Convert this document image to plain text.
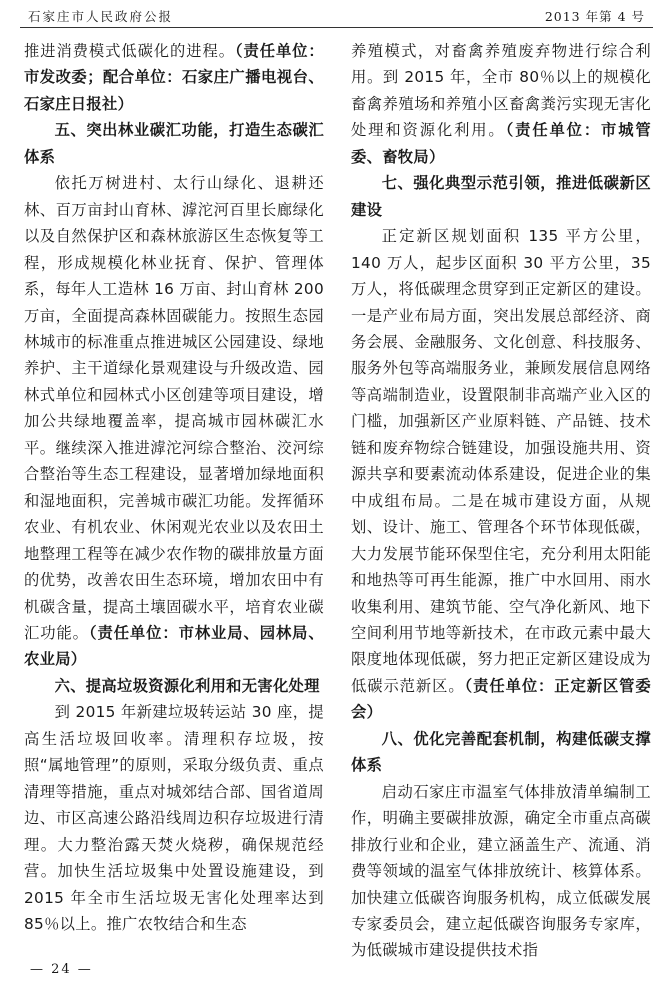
石家庄市人民政府公报	2013 年第 4 号

推进消费模式低碳化的进程。（责任单位：市发改委；配合单位：石家庄广播电视台、石家庄日报社）

五、突出林业碳汇功能，打造生态碳汇体系

依托万树进村、太行山绿化、退耕还林、百万亩封山育林、滹沱河百里长廊绿化以及自然保护区和森林旅游区生态恢复等工程，形成规模化林业抚育、保护、管理体系，每年人工造林 16 万亩、封山育林 200 万亩，全面提高森林固碳能力。按照生态园林城市的标准重点推进城区公园建设、绿地养护、主干道绿化景观建设与升级改造、园林式单位和园林式小区创建等项目建设，增加公共绿地覆盖率，提高城市园林碳汇水平。继续深入推进滹沱河综合整治、洨河综合整治等生态工程建设，显著增加绿地面积和湿地面积，完善城市碳汇功能。发挥循环农业、有机农业、休闲观光农业以及农田土地整理工程等在减少农作物的碳排放量方面的优势，改善农田生态环境，增加农田中有机碳含量，提高土壤固碳水平，培育农业碳汇功能。（责任单位：市林业局、园林局、农业局）

六、提高垃圾资源化利用和无害化处理

到 2015 年新建垃圾转运站 30 座，提高生活垃圾回收率。清理积存垃圾，按照“属地管理”的原则，采取分级负责、重点清理等措施，重点对城郊结合部、国省道周边、市区高速公路沿线周边积存垃圾进行清理。大力整治露天焚火烧秽，确保规范经营。加快生活垃圾集中处置设施建设，到 2015 年全市生活垃圾无害化处理率达到 85％以上。推广农牧结合和生态

养殖模式，对畜禽养殖废弃物进行综合利用。到 2015 年，全市 80％以上的规模化畜禽养殖场和养殖小区畜禽粪污实现无害化处理和资源化利用。（责任单位：市城管委、畜牧局）

七、强化典型示范引领，推进低碳新区建设

正定新区规划面积 135 平方公里，140 万人，起步区面积 30 平方公里，35 万人，将低碳理念贯穿到正定新区的建设。一是产业布局方面，突出发展总部经济、商务会展、金融服务、文化创意、科技服务、服务外包等高端服务业，兼顾发展信息网络等高端制造业，设置限制非高端产业入区的门槛，加强新区产业原料链、产品链、技术链和废弃物综合链建设，加强设施共用、资源共享和要素流动体系建设，促进企业的集中成组布局。二是在城市建设方面，从规划、设计、施工、管理各个环节体现低碳，大力发展节能环保型住宅，充分利用太阳能和地热等可再生能源，推广中水回用、雨水收集利用、建筑节能、空气净化新风、地下空间利用节地等新技术，在市政元素中最大限度地体现低碳，努力把正定新区建设成为低碳示范新区。（责任单位：正定新区管委会）

八、优化完善配套机制，构建低碳支撑体系

启动石家庄市温室气体排放清单编制工作，明确主要碳排放源，确定全市重点高碳排放行业和企业，建立涵盖生产、流通、消费等领域的温室气体排放统计、核算体系。加快建立低碳咨询服务机构，成立低碳发展专家委员会，建立起低碳咨询服务专家库，为低碳城市建设提供技术指

— 24 —
